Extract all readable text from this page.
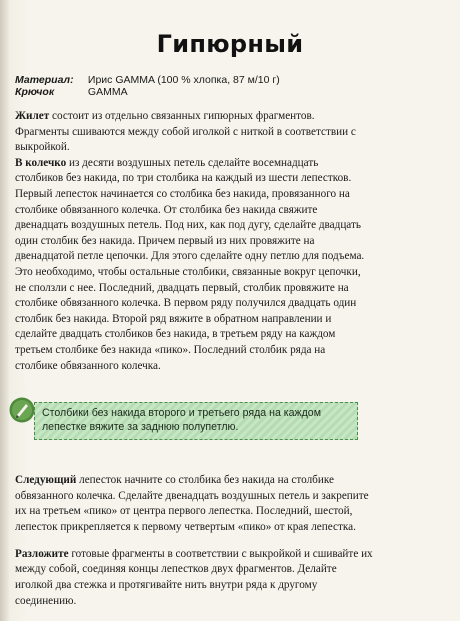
Гипюрный
Материал: Ирис GAMMA (100 % хлопка, 87 м/10 г)
Крючок	GAMMA

Жилет состоит из отдельно связанных гипюрных фрагментов. Фрагменты сшиваются между собой иголкой с ниткой в соответствии с выкройкой.

В колечко из десяти воздушных петель сделайте восемнадцать столбиков без накида, по три столбика на каждый из шести лепестков. Первый лепесток начинается со столбика без накида, провязанного на столбике обвязанного колечка. От столбика без накида свяжите двенадцать воздушных петель. Под них, как под дугу, сделайте двадцать один столбик без накида. Причем первый из них провяжите на двенадцатой петле цепочки. Для этого сделайте одну петлю для подъема. Это необходимо, чтобы остальные столбики, связанные вокруг цепочки, не сползли с нее. Последний, двадцать первый, столбик провяжите на столбике обвязанного колечка. В первом ряду получился двадцать один столбик без накида. Второй ряд вяжите в обратном направлении и сделайте двадцать столбиков без накида, в третьем ряду на каждом третьем столбике без накида «пико». Последний столбик ряда на столбике обвязанного колечка.

Столбики без накида второго и третьего ряда на каждом лепестке вяжите за заднюю полупетлю.

Следующий лепесток начните со столбика без накида на столбике обвязанного колечка. Сделайте двенадцать воздушных петель и закрепите их на третьем «пико» от центра первого лепестка. Последний, шестой, лепесток прикрепляется к первому четвертым «пико» от края лепестка.

Разложите готовые фрагменты в соответствии с выкройкой и сшивайте их между собой, соединяя концы лепестков двух фрагментов. Делайте иголкой два стежка и протягивайте нить внутри ряда к другому соединению.
